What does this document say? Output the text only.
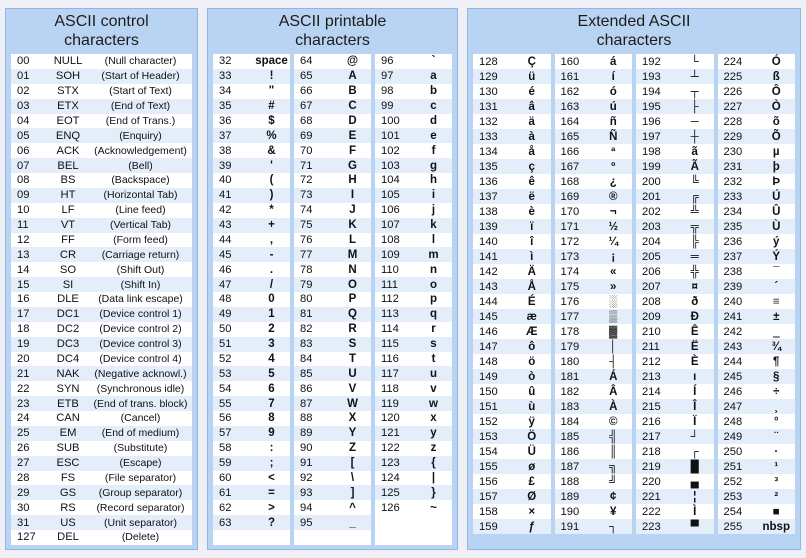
ASCII control
characters
00	NULL	(Null character)
01	SOH	(Start of Header)
02	STX	(Start of Text)
03	ETX	(End of Text)
04	EOT	(End of Trans.)
05	ENQ	(Enquiry)
06	ACK	(Acknowledgement)
07	BEL	(Bell)
08	BS	(Backspace)
09	HT	(Horizontal Tab)
10	LF	(Line feed)
11	VT	(Vertical Tab)
12	FF	(Form feed)
13	CR	(Carriage return)
14	SO	(Shift Out)
15	SI	(Shift In)
16	DLE	(Data link escape)
17	DC1	(Device control 1)
18	DC2	(Device control 2)
19	DC3	(Device control 3)
20	DC4	(Device control 4)
21	NAK	(Negative acknowl.)
22	SYN	(Synchronous idle)
23	ETB	(End of trans. block)
24	CAN	(Cancel)
25	EM	(End of medium)
26	SUB	(Substitute)
27	ESC	(Escape)
28	FS	(File separator)
29	GS	(Group separator)
30	RS	(Record separator)
31	US	(Unit separator)
127	DEL	(Delete)
ASCII printable
characters
32	space
33	!
34	"
35	#
36	$
37	%
38	&
39	'
40	(
41	)
42	*
43	+
44	,
45	-
46	.
47	/
48	0
49	1
50	2
51	3
52	4
53	5
54	6
55	7
56	8
57	9
58	:
59	;
60	<
61	=
62	>
63	?
64	@
65	A
66	B
67	C
68	D
69	E
70	F
71	G
72	H
73	I
74	J
75	K
76	L
77	M
78	N
79	O
80	P
81	Q
82	R
83	S
84	T
85	U
86	V
87	W
88	X
89	Y
90	Z
91	[
92	\
93	]
94	^
95	_
96	`
97	a
98	b
99	c
100	d
101	e
102	f
103	g
104	h
105	i
106	j
107	k
108	l
109	m
110	n
111	o
112	p
113	q
114	r
115	s
116	t
117	u
118	v
119	w
120	x
121	y
122	z
123	{
124	|
125	}
126	~
Extended ASCII
characters
128	Ç
129	ü
130	é
131	â
132	ä
133	à
134	å
135	ç
136	ê
137	ë
138	è
139	ï
140	î
141	ì
142	Ä
143	Å
144	É
145	æ
146	Æ
147	ô
148	ö
149	ò
150	û
151	ù
152	ÿ
153	Ö
154	Ü
155	ø
156	£
157	Ø
158	×
159	ƒ
160	á
161	í
162	ó
163	ú
164	ñ
165	Ñ
166	ª
167	º
168	¿
169	®
170	¬
171	½
172	¼
173	¡
174	«
175	»
176	░
177	▒
178	▓
179	│
180	┤
181	Á
182	Â
183	À
184	©
185	╣
186	║
187	╗
188	╝
189	¢
190	¥
191	┐
192	└
193	┴
194	┬
195	├
196	─
197	┼
198	ã
199	Ã
200	╚
201	╔
202	╩
203	╦
204	╠
205	═
206	╬
207	¤
208	ð
209	Ð
210	Ê
211	Ë
212	È
213	ı
214	Í
215	Î
216	Ï
217	┘
218	┌
219	█
220	▄
221	¦
222	Ì
223	▀
224	Ó
225	ß
226	Ô
227	Ò
228	õ
229	Õ
230	µ
231	þ
232	Þ
233	Ú
234	Û
235	Ù
236	ý
237	Ý
238	¯
239	´
240	≡
241	±
242	‗
243	¾
244	¶
245	§
246	÷
247	¸
248	°
249	¨
250	·
251	¹
252	³
253	²
254	■
255	nbsp
